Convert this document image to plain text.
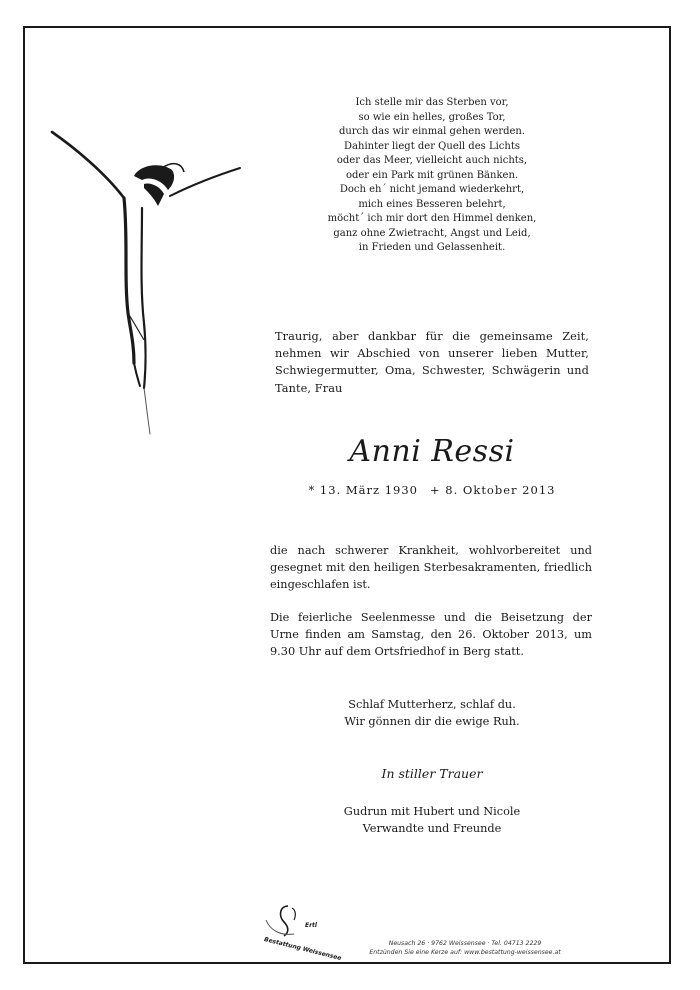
Ich stelle mir das Sterben vor,
so wie ein helles, großes Tor,
durch das wir einmal gehen werden.
Dahinter liegt der Quell des Lichts
oder das Meer, vielleicht auch nichts,
oder ein Park mit grünen Bänken.
Doch eh´ nicht jemand wiederkehrt,
mich eines Besseren belehrt,
möcht´ ich mir dort den Himmel denken,
ganz ohne Zwietracht, Angst und Leid,
in Frieden und Gelassenheit.
Traurig, aber dankbar für die gemeinsame Zeit, nehmen wir Abschied von unserer lieben Mutter, Schwiegermutter, Oma, Schwester, Schwägerin und Tante, Frau
Anni Ressi
* 13. März 1930 + 8. Oktober 2013
die nach schwerer Krankheit, wohlvorbereitet und gesegnet mit den heiligen Sterbesakramenten, friedlich eingeschlafen ist.
Die feierliche Seelenmesse und die Beisetzung der Urne finden am Samstag, den 26. Oktober 2013, um 9.30 Uhr auf dem Ortsfriedhof in Berg statt.
Schlaf Mutterherz, schlaf du.
Wir gönnen dir die ewige Ruh.
In stiller Trauer
Gudrun mit Hubert und Nicole
Verwandte und Freunde
Ertl
Bestattung Weissensee	Neusach 26 · 9762 Weissensee · Tel. 04713 2229
Entzünden Sie eine Kerze auf: www.bestattung-weissensee.at
